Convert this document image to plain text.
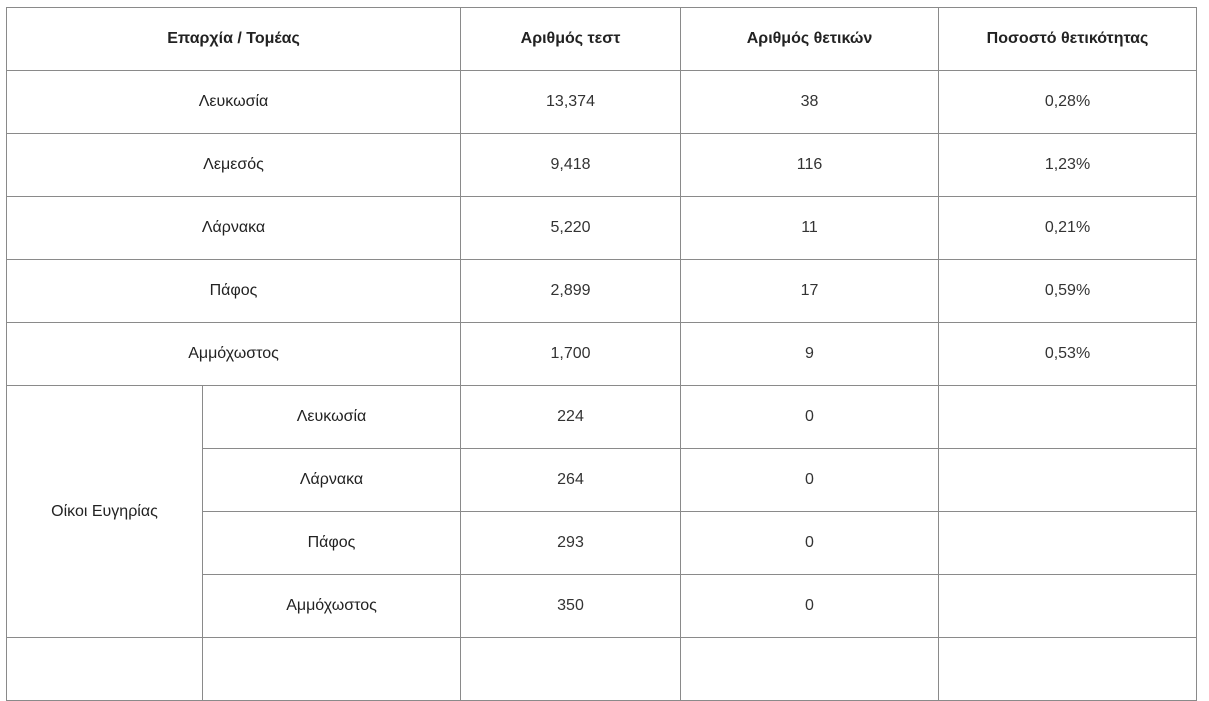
Επαρχία / Τομέας		Αριθμός τεστ	Αριθμός θετικών	Ποσοστό θετικότητας
Λευκωσία		13,374	38	0,28%
Λεμεσός		9,418	116	1,23%
Λάρνακα		5,220	11	0,21%
Πάφος		2,899	17	0,59%
Αμμόχωστος		1,700	9	0,53%
Οίκοι Ευγηρίας	Λευκωσία	224	0	
	Λάρνακα	264	0	
	Πάφος	293	0	
	Αμμόχωστος	350	0	
